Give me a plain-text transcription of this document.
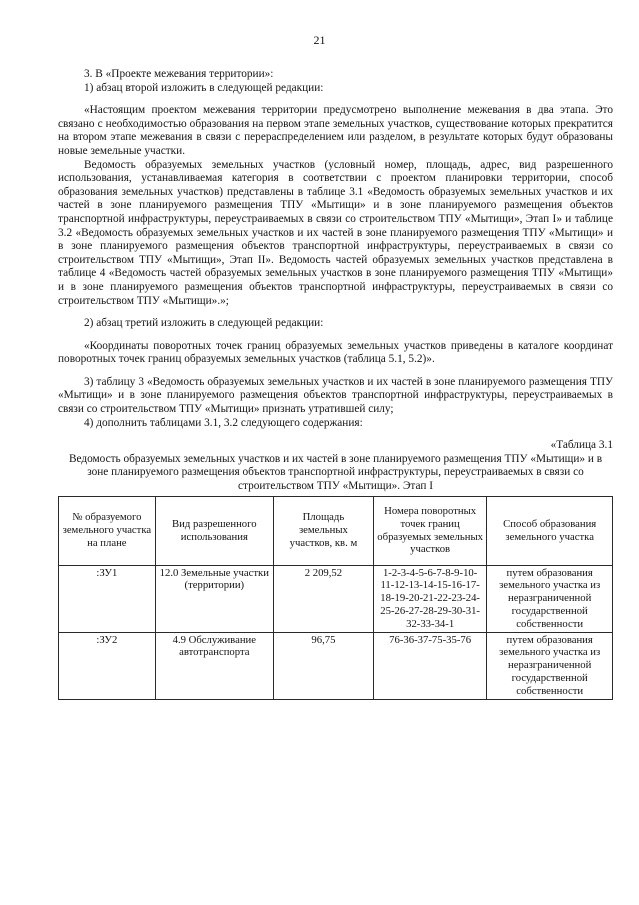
21

3. В «Проекте межевания территории»:

1) абзац второй изложить в следующей редакции:

«Настоящим проектом межевания территории предусмотрено выполнение межевания в два этапа. Это связано с необходимостью образования на первом этапе земельных участков, существование которых прекратится на втором этапе межевания в связи с перераспределением или разделом, в результате которых будут образованы новые земельные участки.

Ведомость образуемых земельных участков (условный номер, площадь, адрес, вид разрешенного использования, устанавливаемая категория в соответствии с проектом планировки территории, способ образования земельных участков) представлены в таблице 3.1 «Ведомость образуемых земельных участков и их частей в зоне планируемого размещения ТПУ «Мытищи» и в зоне планируемого размещения объектов транспортной инфраструктуры, переустраиваемых в связи со строительством ТПУ «Мытищи», Этап I» и таблице 3.2 «Ведомость образуемых земельных участков и их частей в зоне планируемого размещения ТПУ «Мытищи» и в зоне планируемого размещения объектов транспортной инфраструктуры, переустраиваемых в связи со строительством ТПУ «Мытищи», Этап II». Ведомость частей образуемых земельных участков представлена в таблице 4 «Ведомость частей образуемых земельных участков в зоне планируемого размещения ТПУ «Мытищи» и в зоне планируемого размещения объектов транспортной инфраструктуры, переустраиваемых в связи со строительством ТПУ «Мытищи».»;

2) абзац третий изложить в следующей редакции:

«Координаты поворотных точек границ образуемых земельных участков приведены в каталоге координат поворотных точек границ образуемых земельных участков (таблица 5.1, 5.2)».

3) таблицу 3 «Ведомость образуемых земельных участков и их частей в зоне планируемого размещения ТПУ «Мытищи» и в зоне планируемого размещения объектов транспортной инфраструктуры, переустраиваемых в связи со строительством ТПУ «Мытищи» признать утратившей силу;

4) дополнить таблицами 3.1, 3.2 следующего содержания:

«Таблица 3.1

Ведомость образуемых земельных участков и их частей в зоне планируемого размещения ТПУ «Мытищи» и в зоне планируемого размещения объектов транспортной инфраструктуры, переустраиваемых в связи со строительством ТПУ «Мытищи». Этап I

№ образуемого земельного участка на плане	Вид разрешенного использования	Площадь земельных участков, кв. м	Номера поворотных точек границ образуемых земельных участков	Способ образования земельного участка
:ЗУ1	12.0 Земельные участки (территории)	2 209,52	1-2-3-4-5-6-7-8-9-10-11-12-13-14-15-16-17-18-19-20-21-22-23-24-25-26-27-28-29-30-31-32-33-34-1	путем образования земельного участка из неразграниченной государственной собственности
:ЗУ2	4.9 Обслуживание автотранспорта	96,75	76-36-37-75-35-76	путем образования земельного участка из неразграниченной государственной собственности
